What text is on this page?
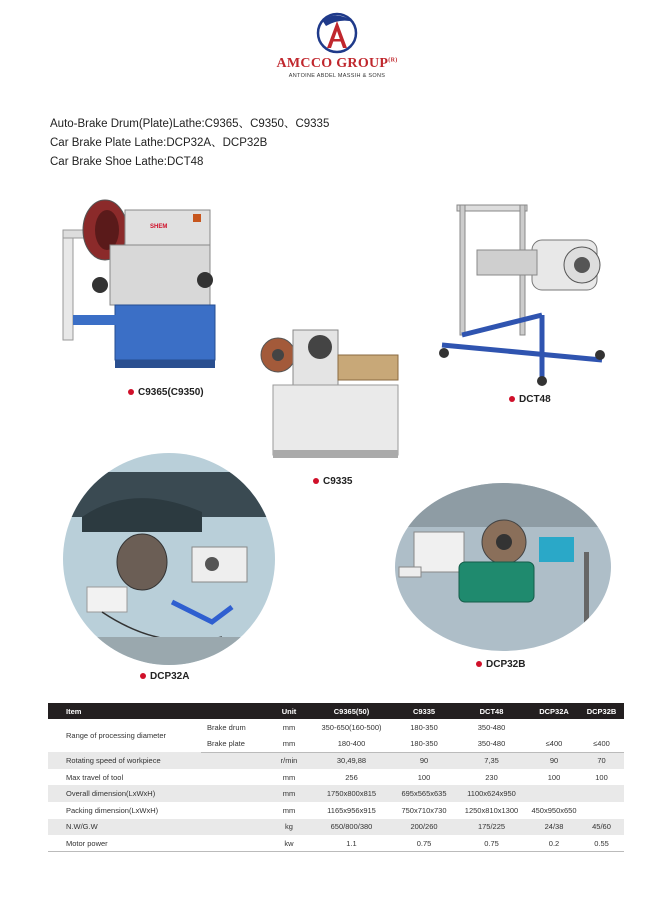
AMCCO $GROUP^{(R)}$
ANTOINE ABDEL MASSIH & SONS
Auto-Brake Drum(Plate)Lathe:C9365、C9350、C9335
Car Brake Plate Lathe:DCP32A、DCP32B
Car Brake Shoe Lathe:DCT48
SHEM
C9365(C9350)
C9335
DCT48
DCP32A
DCP32B
Item		Unit	C9365(50)	C9335	DCT48	DCP32A	DCP32B
Range of processing diameter	Brake drum	mm	350-650(160-500)	180-350	350-480		
	Brake plate	mm	180-400	180-350	350-480	≤400	≤400
Rotating speed of workpiece		r/min	30,49,88	90	7,35	90	70
Max travel of tool		mm	256	100	230	100	100
Overall dimension(LxWxH)		mm	1750x800x815	695x565x635	1100x624x950		
Packing dimension(LxWxH)		mm	1165x956x915	750x710x730	1250x810x1300	450x950x650	
N.W/G.W		kg	650/800/380	200/260	175/225	24/38	45/60
Motor power		kw	1.1	0.75	0.75	0.2	0.55
